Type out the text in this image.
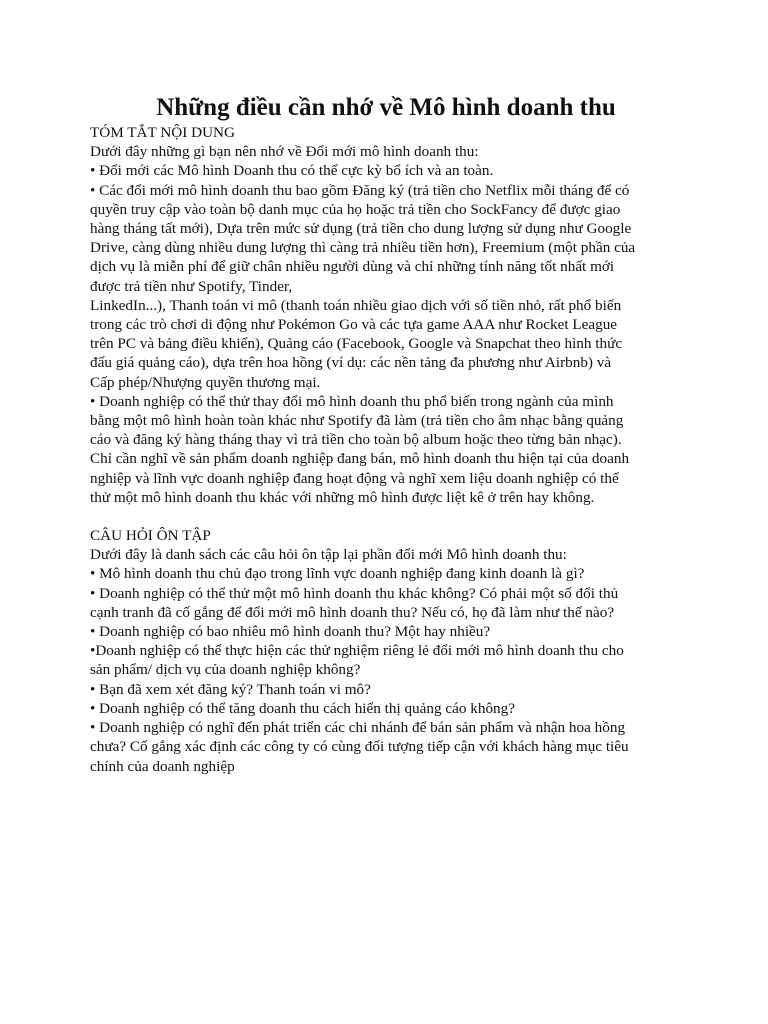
Những điều cần nhớ về Mô hình doanh thu

TÓM TẮT NỘI DUNG

Dưới đây những gì bạn nên nhớ về Đổi mới mô hình doanh thu:

• Đổi mới các Mô hình Doanh thu có thể cực kỳ bổ ích và an toàn.

• Các đổi mới mô hình doanh thu bao gồm Đăng ký (trả tiền cho Netflix mỗi tháng để có

quyền truy cập vào toàn bộ danh mục của họ hoặc trả tiền cho SockFancy để được giao

hàng tháng tất mới), Dựa trên mức sử dụng (trả tiền cho dung lượng sử dụng như Google

Drive, càng dùng nhiều dung lượng thì càng trả nhiều tiền hơn), Freemium (một phần của

dịch vụ là miễn phí để giữ chân nhiều người dùng và chỉ những tính năng tốt nhất mới

được trả tiền như Spotify, Tinder,

LinkedIn...), Thanh toán vi mô (thanh toán nhiều giao dịch với số tiền nhỏ, rất phổ biến

trong các trò chơi di động như Pokémon Go và các tựa game AAA như Rocket League

trên PC và bảng điều khiển), Quảng cáo (Facebook, Google và Snapchat theo hình thức

đấu giá quảng cáo), dựa trên hoa hồng (ví dụ: các nền tảng đa phương như Airbnb) và

Cấp phép/Nhượng quyền thương mại.

• Doanh nghiệp có thể thử thay đổi mô hình doanh thu phổ biến trong ngành của mình

bằng một mô hình hoàn toàn khác như Spotify đã làm (trả tiền cho âm nhạc bằng quảng

cáo và đăng ký hàng tháng thay vì trả tiền cho toàn bộ album hoặc theo từng bản nhạc).

Chỉ cần nghĩ về sản phẩm doanh nghiệp đang bán, mô hình doanh thu hiện tại của doanh

nghiệp và lĩnh vực doanh nghiệp đang hoạt động và nghĩ xem liệu doanh nghiệp có thể

thử một mô hình doanh thu khác với những mô hình được liệt kê ở trên hay không.

CÂU HỎI ÔN TẬP

Dưới đây là danh sách các câu hỏi ôn tập lại phần đổi mới Mô hình doanh thu:

• Mô hình doanh thu chủ đạo trong lĩnh vực doanh nghiệp đang kinh doanh là gì?

• Doanh nghiệp có thể thử một mô hình doanh thu khác không? Có phải một số đối thủ

cạnh tranh đã cố gắng để đổi mới mô hình doanh thu? Nếu có, họ đã làm như thế nào?

• Doanh nghiệp có bao nhiêu mô hình doanh thu? Một hay nhiều?

•Doanh nghiệp có thể thực hiện các thử nghiệm riêng lẻ đổi mới mô hình doanh thu cho

sản phẩm/ dịch vụ của doanh nghiệp không?

• Bạn đã xem xét đăng ký? Thanh toán vi mô?

• Doanh nghiệp có thể tăng doanh thu cách hiển thị quảng cáo không?

• Doanh nghiệp có nghĩ đến phát triển các chi nhánh để bán sản phẩm và nhận hoa hồng

chưa? Cố gắng xác định các công ty có cùng đối tượng tiếp cận với khách hàng mục tiêu

chính của doanh nghiệp
